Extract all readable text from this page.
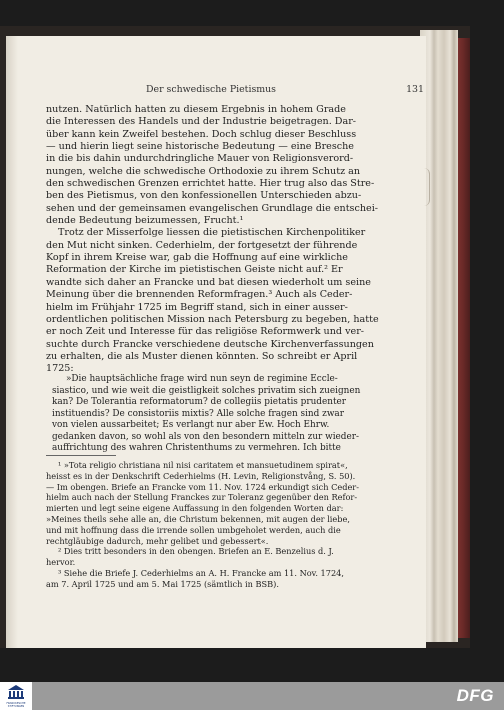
Der schwedische Pietismus	131

nutzen. Natürlich hatten zu diesem Ergebnis in hohem Grade
die Interessen des Handels und der Industrie beigetragen. Dar-
über kann kein Zweifel bestehen. Doch schlug dieser Beschluss
— und hierin liegt seine historische Bedeutung — eine Bresche
in die bis dahin undurchdringliche Mauer von Religionsverord-
nungen, welche die schwedische Orthodoxie zu ihrem Schutz an
den schwedischen Grenzen errichtet hatte. Hier trug also das Stre-
ben des Pietismus, von den konfessionellen Unterschieden abzu-
sehen und der gemeinsamen evangelischen Grundlage die entschei-
dende Bedeutung beizumessen, Frucht.¹

Trotz der Misserfolge liessen die pietistischen Kirchenpolitiker
den Mut nicht sinken. Cederhielm, der fortgesetzt der führende
Kopf in ihrem Kreise war, gab die Hoffnung auf eine wirkliche
Reformation der Kirche im pietistischen Geiste nicht auf.² Er
wandte sich daher an Francke und bat diesen wiederholt um seine
Meinung über die brennenden Reformfragen.³ Auch als Ceder-
hielm im Frühjahr 1725 im Begriff stand, sich in einer ausser-
ordentlichen politischen Mission nach Petersburg zu begeben, hatte
er noch Zeit und Interesse für das religiöse Reformwerk und ver-
suchte durch Francke verschiedene deutsche Kirchenverfassungen
zu erhalten, die als Muster dienen könnten. So schreibt er April
1725:

»Die hauptsächliche frage wird nun seyn de regimine Eccle-
siastico, und wie weit die geistligkeit solches privatim sich zueignen
kan? De Tolerantia reformatorum? de collegiis pietatis prudenter
instituendis? De consistoriis mixtis? Alle solche fragen sind zwar
von vielen aussarbeitet; Es verlangt nur aber Ew. Hoch Ehrw.
gedanken davon, so wohl als von den besondern mitteln zur wieder-
auffrichtung des wahren Christenthums zu vermehren. Ich bitte

¹ »Tota religio christiana nil nisi caritatem et mansuetudinem spirat«,
heisst es in der Denkschrift Cederhielms (H. Levin, Religionstvång, S. 50).
— Im obengen. Briefe an Francke vom 11. Nov. 1724 erkundigt sich Ceder-
hielm auch nach der Stellung Franckes zur Toleranz gegenüber den Refor-
mierten und legt seine eigene Auffassung in den folgenden Worten dar:
»Meines theils sehe alle an, die Christum bekennen, mit augen der liebe,
und mit hoffnung dass die irrende sollen umbgeholet werden, auch die
rechtgläubige dadurch, mehr gelibet und gebessert«.

² Dies tritt besonders in den obengen. Briefen an E. Benzelius d. J.
hervor.

³ Siehe die Briefe J. Cederhielms an A. H. Francke am 11. Nov. 1724,
am 7. April 1725 und am 5. Mai 1725 (sämtlich in BSB).

FRANCKESCHE STIFTUNGEN
DFG
